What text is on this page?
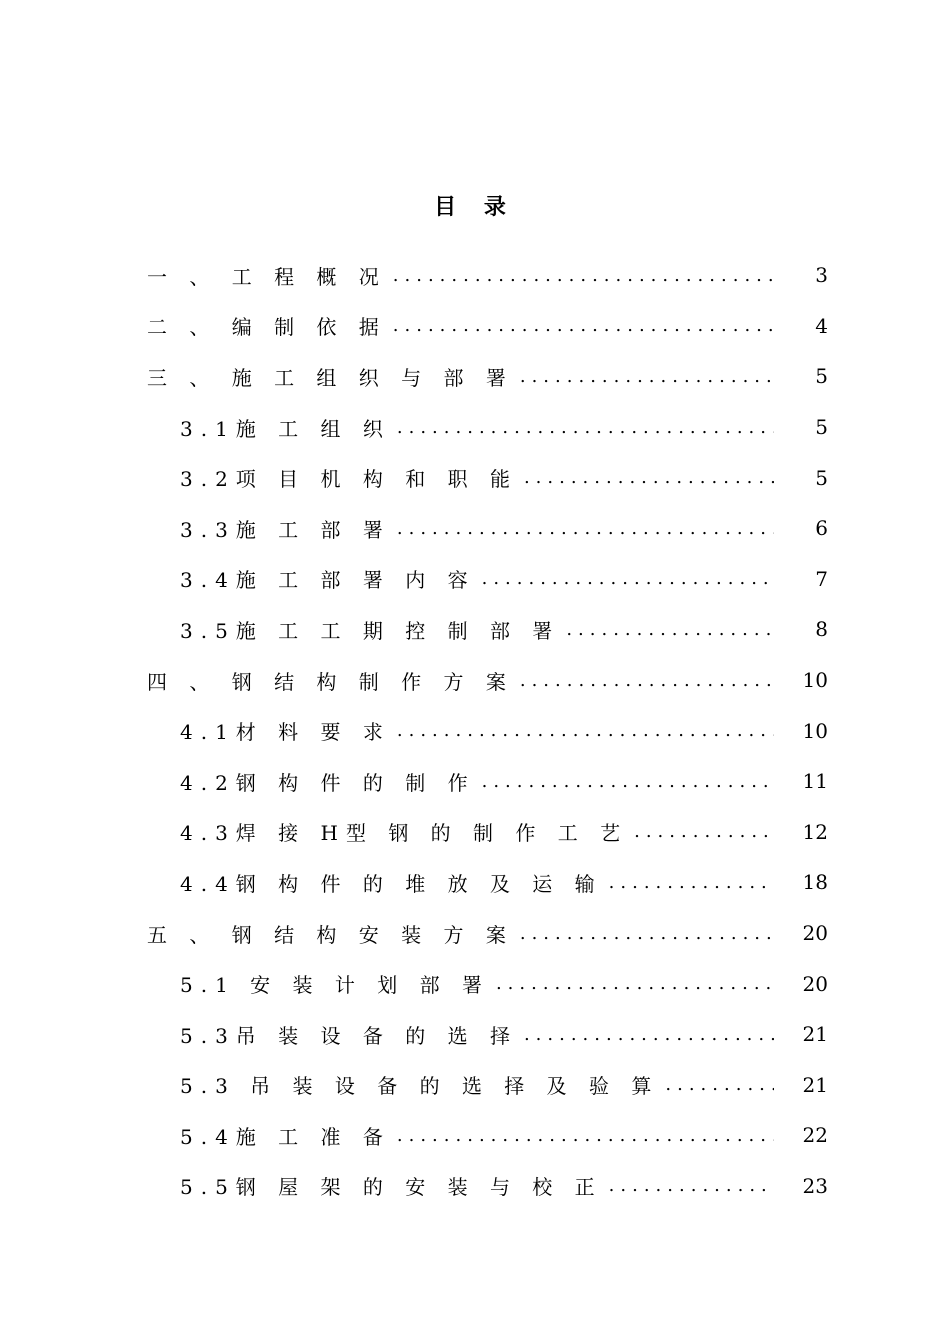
目 录
一 、 工 程 概 况 .....	3
二 、 编 制 依 据 .....	4
三 、 施 工 组 织 与 部 署 .....	5
3.1施 工 组 织 .....	5
3.2项 目 机 构 和 职 能 .....	5
3.3施 工 部 署 .....	6
3.4施 工 部 署 内 容 .....	7
3.5施 工 工 期 控 制 部 署 .....	8
四 、 钢 结 构 制 作 方 案 .....	10
4.1材 料 要 求 .....	10
4.2钢 构 件 的 制 作 .....	11
4.3焊 接 H型 钢 的 制 作 工 艺 .....	12
4.4钢 构 件 的 堆 放 及 运 输 .....	18
五 、 钢 结 构 安 装 方 案 .....	20
5.1 安 装 计 划 部 署 .....	20
5.3吊 装 设 备 的 选 择 .....	21
5.3 吊 装 设 备 的 选 择 及 验 算 .....	21
5.4施 工 准 备 .....	22
5.5钢 屋 架 的 安 装 与 校 正 .....	23
